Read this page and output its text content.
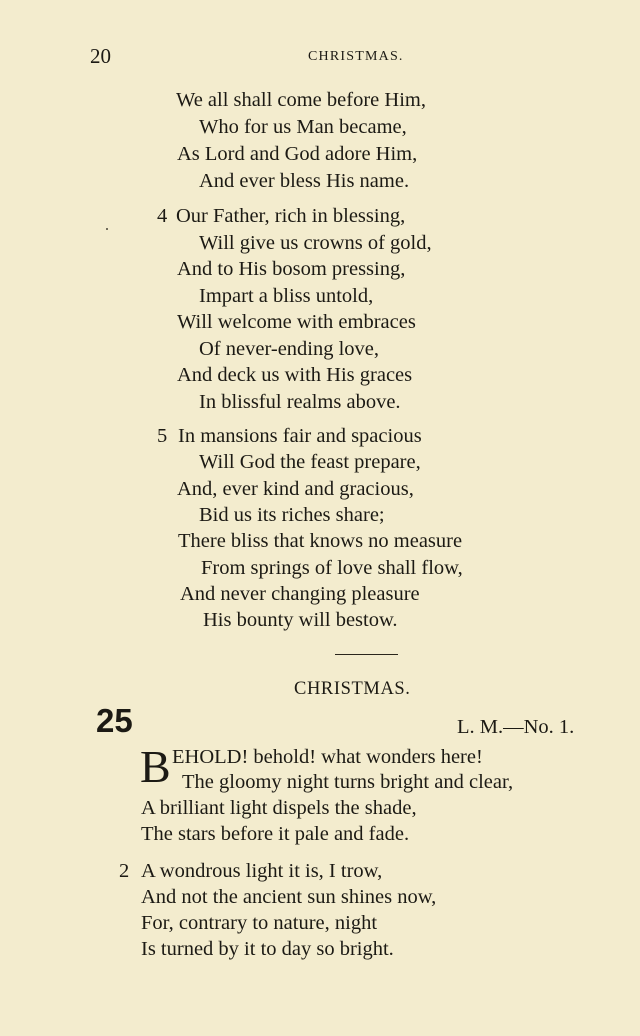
20	CHRISTMAS.
We all shall come before Him,
Who for us Man became,
As Lord and God adore Him,
And ever bless His name.
4 Our Father, rich in blessing,
Will give us crowns of gold,
And to His bosom pressing,
Impart a bliss untold,
Will welcome with embraces
Of never-ending love,
And deck us with His graces
In blissful realms above.
5 In mansions fair and spacious
Will God the feast prepare,
And, ever kind and gracious,
Bid us its riches share;
There bliss that knows no measure
From springs of love shall flow,
And never changing pleasure
His bounty will bestow.
CHRISTMAS.
25	L. M.—No. 1.
B EHOLD! behold! what wonders here!
The gloomy night turns bright and clear,
A brilliant light dispels the shade,
The stars before it pale and fade.
2 A wondrous light it is, I trow,
And not the ancient sun shines now,
For, contrary to nature, night
Is turned by it to day so bright.
